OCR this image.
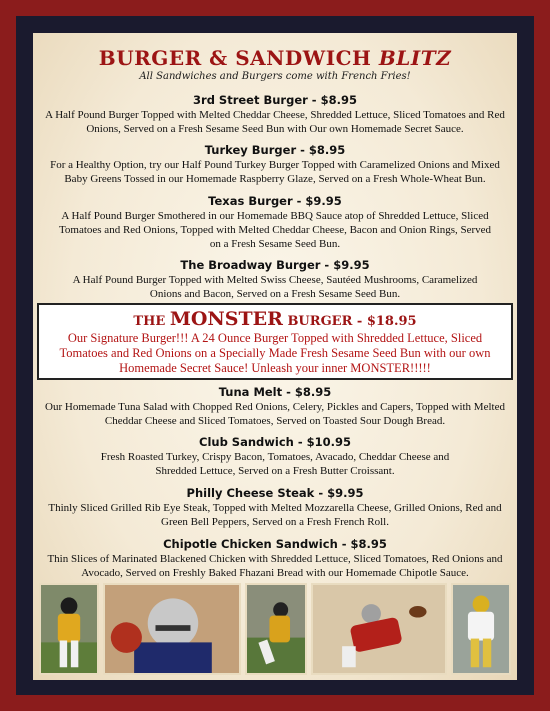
BURGER & SANDWICH BLITZ
All Sandwiches and Burgers come with French Fries!
3rd Street Burger - $8.95
A Half Pound Burger Topped with Melted Cheddar Cheese, Shredded Lettuce, Sliced Tomatoes and Red Onions, Served on a Fresh Sesame Seed Bun with Our own Homemade Secret Sauce.
Turkey Burger - $8.95
For a Healthy Option, try our Half Pound Turkey Burger Topped with Caramelized Onions and Mixed Baby Greens Tossed in our Homemade Raspberry Glaze, Served on a Fresh Whole-Wheat Bun.
Texas Burger - $9.95
A Half Pound Burger Smothered in our Homemade BBQ Sauce atop of Shredded Lettuce, Sliced Tomatoes and Red Onions, Topped with Melted Cheddar Cheese, Bacon and Onion Rings, Served on a Fresh Sesame Seed Bun.
The Broadway Burger - $9.95
A Half Pound Burger Topped with Melted Swiss Cheese, Sautéed Mushrooms, Caramelized Onions and Bacon, Served on a Fresh Sesame Seed Bun.
THE MONSTER BURGER - $18.95
Our Signature Burger!!! A 24 Ounce Burger Topped with Shredded Lettuce, Sliced Tomatoes and Red Onions on a Specially Made Fresh Sesame Seed Bun with our own Homemade Secret Sauce! Unleash your inner MONSTER!!!!!
Tuna Melt - $8.95
Our Homemade Tuna Salad with Chopped Red Onions, Celery, Pickles and Capers, Topped with Melted Cheddar Cheese and Sliced Tomatoes, Served on Toasted Sour Dough Bread.
Club Sandwich - $10.95
Fresh Roasted Turkey, Crispy Bacon, Tomatoes, Avacado, Cheddar Cheese and Shredded Lettuce, Served on a Fresh Butter Croissant.
Philly Cheese Steak - $9.95
Thinly Sliced Grilled Rib Eye Steak, Topped with Melted Mozzarella Cheese, Grilled Onions, Red and Green Bell Peppers, Served on a Fresh French Roll.
Chipotle Chicken Sandwich - $8.95
Thin Slices of Marinated Blackened Chicken with Shredded Lettuce, Sliced Tomatoes, Red Onions and Avocado, Served on Freshly Baked Fhazani Bread with our Homemade Chipotle Sauce.
